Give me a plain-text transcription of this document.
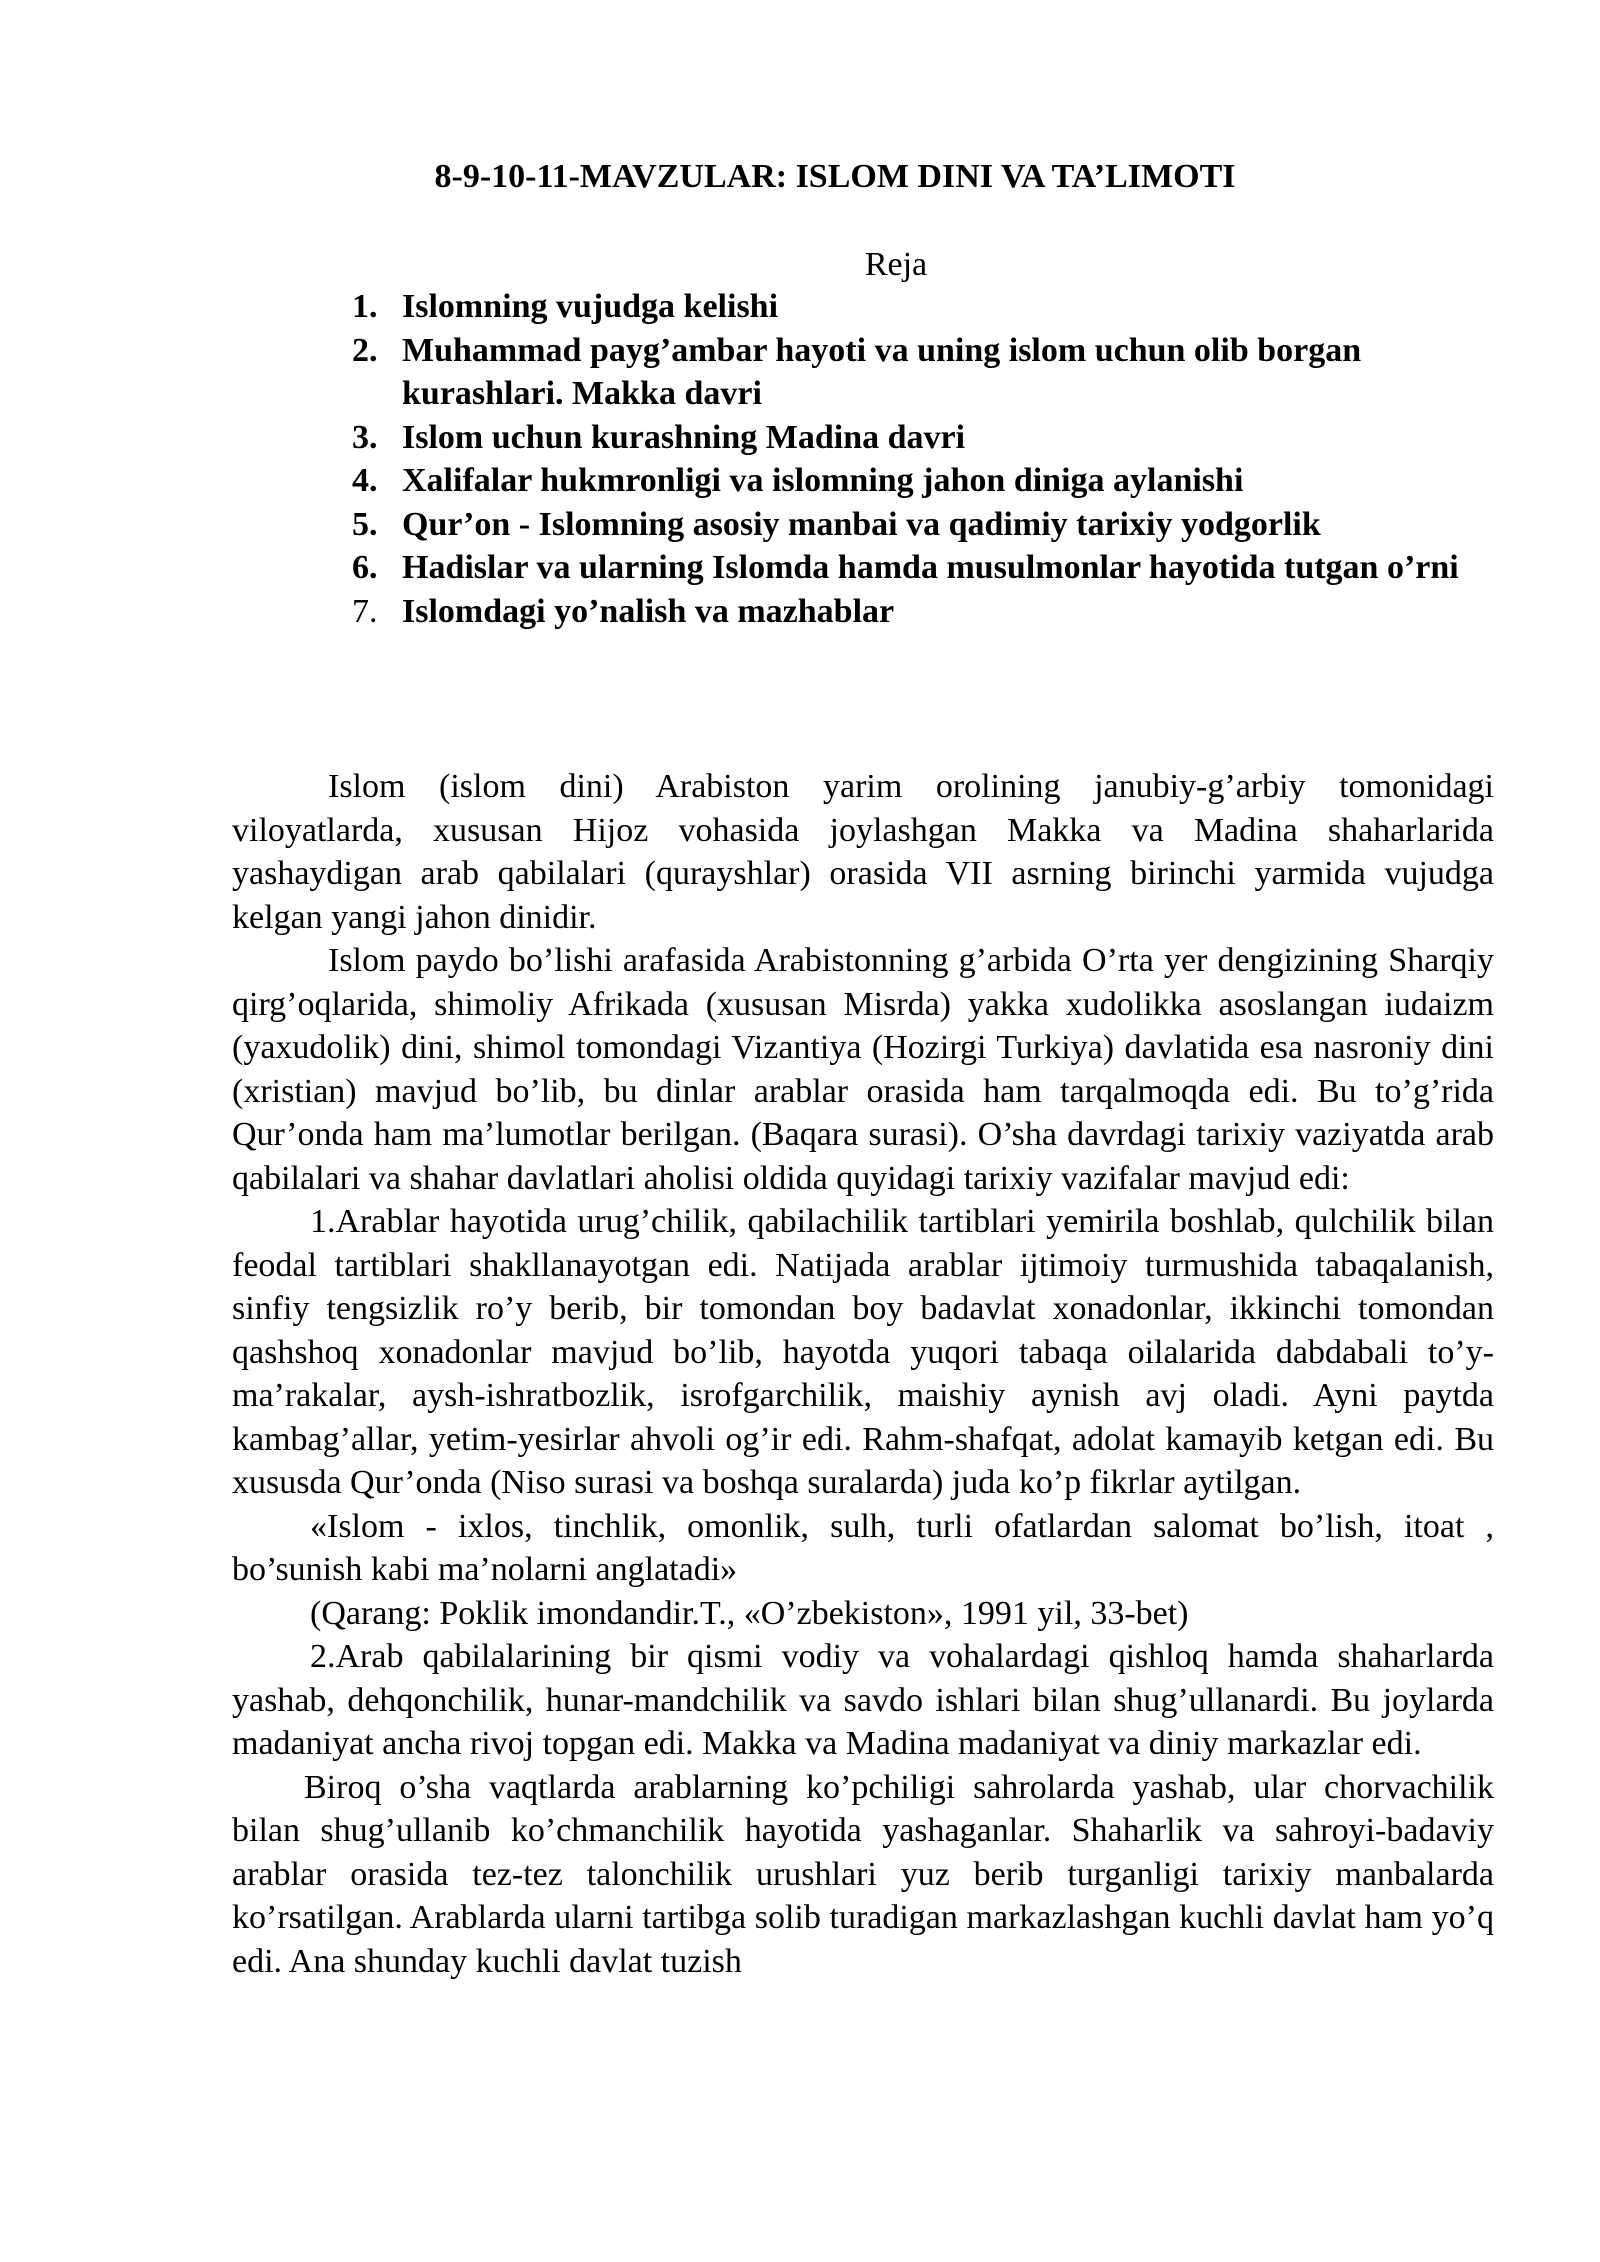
8-9-10-11-MAVZULAR: ISLOM DINI VA TA’LIMOTI
Reja
1. Islomning vujudga kelishi
2. Muhammad payg’ambar hayoti va uning islom uchun olib borgan kurashlari. Makka davri
3. Islom uchun kurashning Madina davri
4. Xalifalar hukmronligi va islomning jahon diniga aylanishi
5. Qur’on - Islomning asosiy manbai va qadimiy tarixiy yodgorlik
6. Hadislar va ularning Islomda hamda musulmonlar hayotida tutgan o’rni
7. Islomdagi yo’nalish va mazhablar

Islom (islom dini) Arabiston yarim orolining janubiy-g’arbiy tomonidagi viloyatlarda, xususan Hijoz vohasida joylashgan Makka va Madina shaharlarida yashaydigan arab qabilalari (qurayshlar) orasida VII asrning birinchi yarmida vujudga kelgan yangi jahon dinidir.

Islom paydo bo’lishi arafasida Arabistonning g’arbida O’rta yer dengizining Sharqiy qirg’oqlarida, shimoliy Afrikada (xususan Misrda) yakka xudolikka asoslangan iudaizm (yaxudolik) dini, shimol tomondagi Vizantiya (Hozirgi Turkiya) davlatida esa nasroniy dini (xristian) mavjud bo’lib, bu dinlar arablar orasida ham tarqalmoqda edi. Bu to’g’rida Qur’onda ham ma’lumotlar berilgan. (Baqara surasi). O’sha davrdagi tarixiy vaziyatda arab qabilalari va shahar davlatlari aholisi oldida quyidagi tarixiy vazifalar mavjud edi:

1.Arablar hayotida urug’chilik, qabilachilik tartiblari yemirila boshlab, qulchilik bilan feodal tartiblari shakllanayotgan edi. Natijada arablar ijtimoiy turmushida tabaqalanish, sinfiy tengsizlik ro’y berib, bir tomondan boy badavlat xonadonlar, ikkinchi tomondan qashshoq xonadonlar mavjud bo’lib, hayotda yuqori tabaqa oilalarida dabdabali to’y-ma’rakalar, aysh-ishratbozlik, isrofgarchilik, maishiy aynish avj oladi. Ayni paytda kambag’allar, yetim-yesirlar ahvoli og’ir edi. Rahm-shafqat, adolat kamayib ketgan edi. Bu xususda Qur’onda (Niso surasi va boshqa suralarda) juda ko’p fikrlar aytilgan.

«Islom - ixlos, tinchlik, omonlik, sulh, turli ofatlardan salomat bo’lish, itoat , bo’sunish kabi ma’nolarni anglatadi»

(Qarang: Poklik imondandir.T., «O’zbekiston», 1991 yil, 33-bet)

2.Arab qabilalarining bir qismi vodiy va vohalardagi qishloq hamda shaharlarda yashab, dehqonchilik, hunar-mandchilik va savdo ishlari bilan shug’ullanardi. Bu joylarda madaniyat ancha rivoj topgan edi. Makka va Madina madaniyat va diniy markazlar edi.

Biroq o’sha vaqtlarda arablarning ko’pchiligi sahrolarda yashab, ular chorvachilik bilan shug’ullanib ko’chmanchilik hayotida yashaganlar. Shaharlik va sahroyi-badaviy arablar orasida tez-tez talonchilik urushlari yuz berib turganligi tarixiy manbalarda ko’rsatilgan. Arablarda ularni tartibga solib turadigan markazlashgan kuchli davlat ham yo’q edi. Ana shunday kuchli davlat tuzish
